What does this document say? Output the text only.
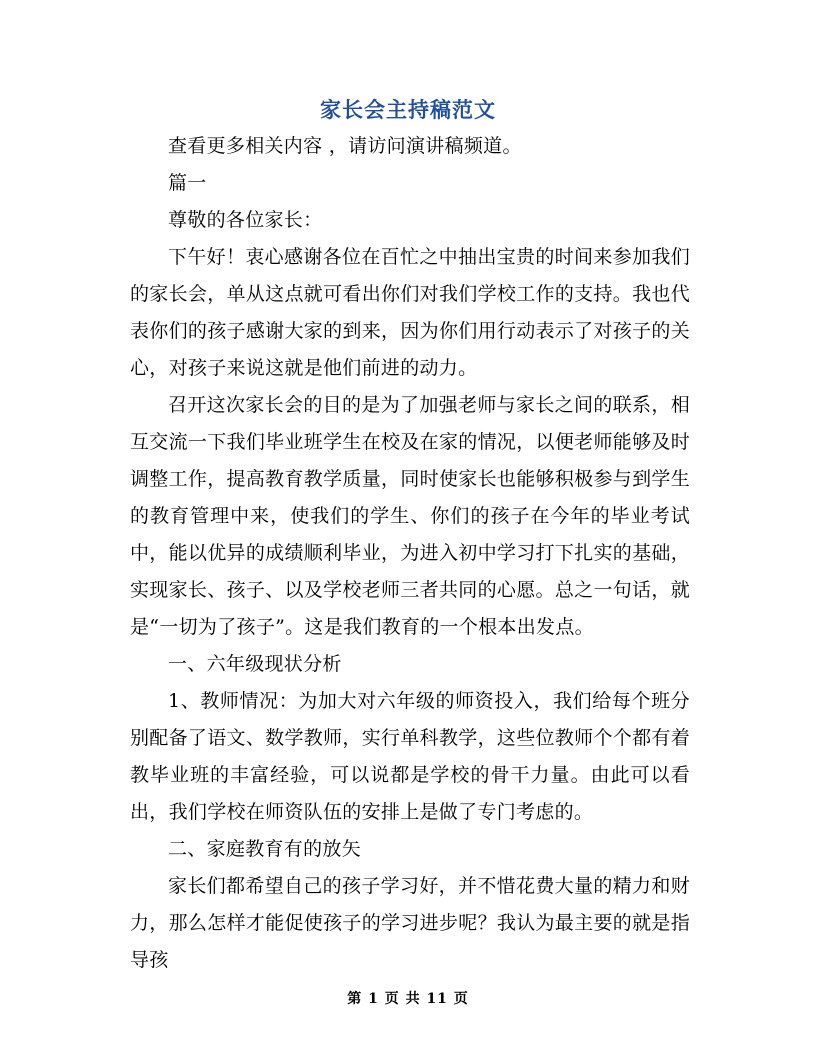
家长会主持稿范文

查看更多相关内容 ，请访问演讲稿频道。

篇一

尊敬的各位家长：

下午好！衷心感谢各位在百忙之中抽出宝贵的时间来参加我们的家长会，单从这点就可看出你们对我们学校工作的支持。我也代表你们的孩子感谢大家的到来，因为你们用行动表示了对孩子的关心，对孩子来说这就是他们前进的动力。

召开这次家长会的目的是为了加强老师与家长之间的联系，相互交流一下我们毕业班学生在校及在家的情况，以便老师能够及时调整工作，提高教育教学质量，同时使家长也能够积极参与到学生的教育管理中来，使我们的学生、你们的孩子在今年的毕业考试中，能以优异的成绩顺利毕业，为进入初中学习打下扎实的基础，实现家长、孩子、以及学校老师三者共同的心愿。总之一句话，就是“一切为了孩子”。这是我们教育的一个根本出发点。

一、六年级现状分析

1、教师情况：为加大对六年级的师资投入，我们给每个班分别配备了语文、数学教师，实行单科教学，这些位教师个个都有着教毕业班的丰富经验，可以说都是学校的骨干力量。由此可以看出，我们学校在师资队伍的安排上是做了专门考虑的。

二、家庭教育有的放矢

家长们都希望自己的孩子学习好，并不惜花费大量的精力和财力，那么怎样才能促使孩子的学习进步呢？我认为最主要的就是指导孩

第 1 页 共 11 页
